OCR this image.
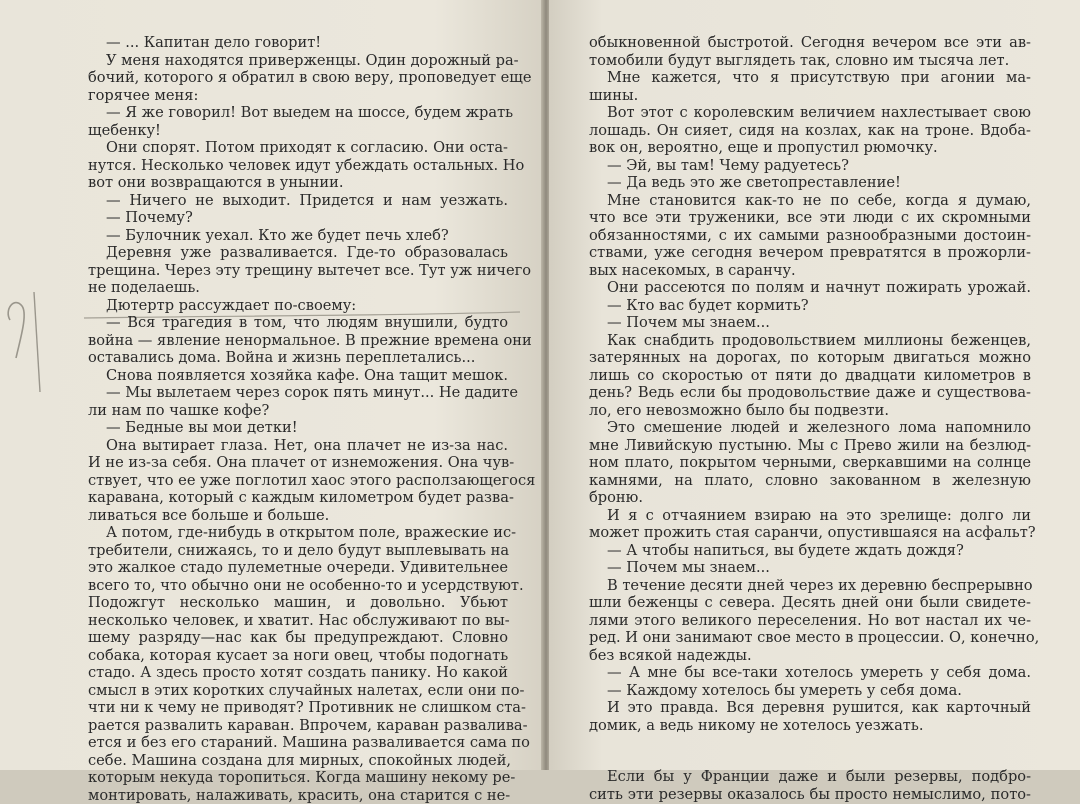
— ... Капитан дело говорит!
У меня находятся приверженцы. Один дорожный ра-
бочий, которого я обратил в свою веру, проповедует еще
горячее меня:
— Я же говорил! Вот выедем на шоссе, будем жрать
щебенку!
Они спорят. Потом приходят к согласию. Они оста-
нутся. Несколько человек идут убеждать остальных. Но
вот они возвращаются в унынии.
— Ничего не выходит. Придется и нам уезжать.
— Почему?
— Булочник уехал. Кто же будет печь хлеб?
Деревня уже разваливается. Где-то образовалась
трещина. Через эту трещину вытечет все. Тут уж ничего
не поделаешь.
Дютертр рассуждает по-своему:
— Вся трагедия в том, что людям внушили, будто
война — явление ненормальное. В прежние времена они
оставались дома. Война и жизнь переплетались...
Снова появляется хозяйка кафе. Она тащит мешок.
— Мы вылетаем через сорок пять минут... Не дадите
ли нам по чашке кофе?
— Бедные вы мои детки!
Она вытирает глаза. Нет, она плачет не из-за нас.
И не из-за себя. Она плачет от изнеможения. Она чув-
ствует, что ее уже поглотил хаос этого расползающегося
каравана, который с каждым километром будет разва-
ливаться все больше и больше.
А потом, где-нибудь в открытом поле, вражеские ис-
требители, снижаясь, то и дело будут выплевывать на
это жалкое стадо пулеметные очереди. Удивительнее
всего то, что обычно они не особенно-то и усердствуют.
Подожгут несколько машин, и довольно. Убьют
несколько человек, и хватит. Нас обслуживают по вы-
шему разряду—нас как бы предупреждают. Словно
собака, которая кусает за ноги овец, чтобы подогнать
стадо. А здесь просто хотят создать панику. Но какой
смысл в этих коротких случайных налетах, если они по-
чти ни к чему не приводят? Противник не слишком ста-
рается развалить караван. Впрочем, караван развалива-
ется и без его стараний. Машина разваливается сама по
себе. Машина создана для мирных, спокойных людей,
которым некуда торопиться. Когда машину некому ре-
монтировать, налаживать, красить, она старится с не-
обыкновенной быстротой. Сегодня вечером все эти ав-
томобили будут выглядеть так, словно им тысяча лет.
Мне кажется, что я присутствую при агонии ма-
шины.
Вот этот с королевским величием нахлестывает свою
лошадь. Он сияет, сидя на козлах, как на троне. Вдоба-
вок он, вероятно, еще и пропустил рюмочку.
— Эй, вы там! Чему радуетесь?
— Да ведь это же светопреставление!
Мне становится как-то не по себе, когда я думаю,
что все эти труженики, все эти люди с их скромными
обязанностями, с их самыми разнообразными достоин-
ствами, уже сегодня вечером превратятся в прожорли-
вых насекомых, в саранчу.
Они рассеются по полям и начнут пожирать урожай.
— Кто вас будет кормить?
— Почем мы знаем...
Как снабдить продовольствием миллионы беженцев,
затерянных на дорогах, по которым двигаться можно
лишь со скоростью от пяти до двадцати километров в
день? Ведь если бы продовольствие даже и существова-
ло, его невозможно было бы подвезти.
Это смешение людей и железного лома напомнило
мне Ливийскую пустыню. Мы с Прево жили на безлюд-
ном плато, покрытом черными, сверкавшими на солнце
камнями, на плато, словно закованном в железную
броню.
И я с отчаянием взираю на это зрелище: долго ли
может прожить стая саранчи, опустившаяся на асфальт?
— А чтобы напиться, вы будете ждать дождя?
— Почем мы знаем...
В течение десяти дней через их деревню беспрерывно
шли беженцы с севера. Десять дней они были свидете-
лями этого великого переселения. Но вот настал их че-
ред. И они занимают свое место в процессии. О, конечно,
без всякой надежды.
— А мне бы все-таки хотелось умереть у себя дома.
— Каждому хотелось бы умереть у себя дома.
И это правда. Вся деревня рушится, как карточный
домик, а ведь никому не хотелось уезжать.
Если бы у Франции даже и были резервы, подбро-
сить эти резервы оказалось бы просто немыслимо, пото-
